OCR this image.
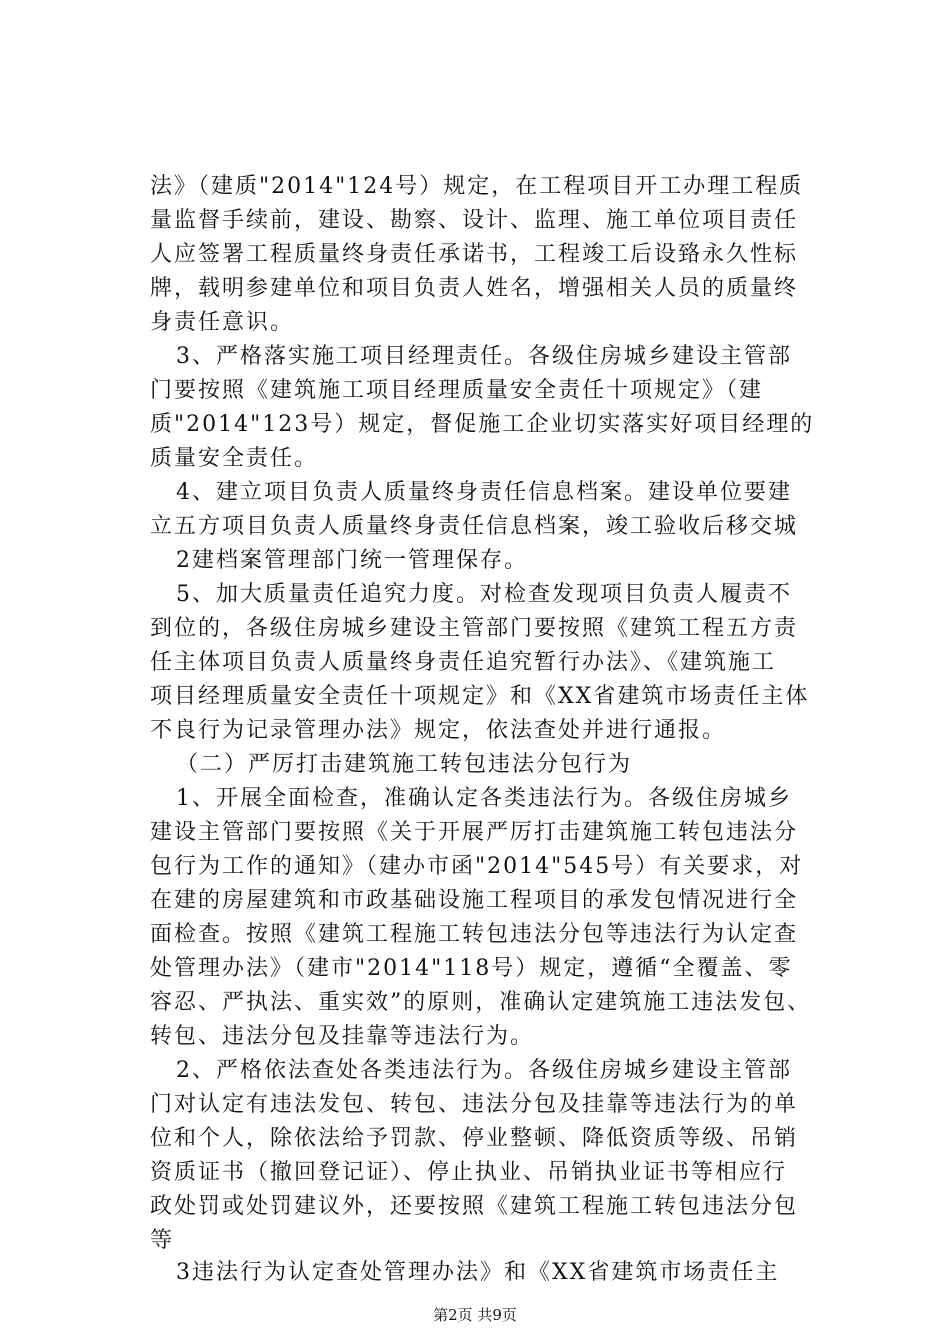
法》（建质"2014"124号）规定，在工程项目开工办理工程质

量监督手续前，建设、勘察、设计、监理、施工单位项目责任

人应签署工程质量终身责任承诺书，工程竣工后设臵永久性标

牌，载明参建单位和项目负责人姓名，增强相关人员的质量终

身责任意识。

3、严格落实施工项目经理责任。各级住房城乡建设主管部

门要按照《建筑施工项目经理质量安全责任十项规定》（建

质"2014"123号）规定，督促施工企业切实落实好项目经理的

质量安全责任。

4、建立项目负责人质量终身责任信息档案。建设单位要建

立五方项目负责人质量终身责任信息档案，竣工验收后移交城

2建档案管理部门统一管理保存。

5、加大质量责任追究力度。对检查发现项目负责人履责不

到位的，各级住房城乡建设主管部门要按照《建筑工程五方责

任主体项目负责人质量终身责任追究暂行办法》、《建筑施工

项目经理质量安全责任十项规定》和《XX省建筑市场责任主体

不良行为记录管理办法》规定，依法查处并进行通报。

（二）严厉打击建筑施工转包违法分包行为

1、开展全面检查，准确认定各类违法行为。各级住房城乡

建设主管部门要按照《关于开展严厉打击建筑施工转包违法分

包行为工作的通知》（建办市函"2014"545号）有关要求，对

在建的房屋建筑和市政基础设施工程项目的承发包情况进行全

面检查。按照《建筑工程施工转包违法分包等违法行为认定查

处管理办法》（建市"2014"118号）规定，遵循“全覆盖、零

容忍、严执法、重实效”的原则，准确认定建筑施工违法发包、

转包、违法分包及挂靠等违法行为。

2、严格依法查处各类违法行为。各级住房城乡建设主管部

门对认定有违法发包、转包、违法分包及挂靠等违法行为的单

位和个人，除依法给予罚款、停业整顿、降低资质等级、吊销

资质证书（撤回登记证）、停止执业、吊销执业证书等相应行

政处罚或处罚建议外，还要按照《建筑工程施工转包违法分包

等

3违法行为认定查处管理办法》和《XX省建筑市场责任主

第2页 共9页
